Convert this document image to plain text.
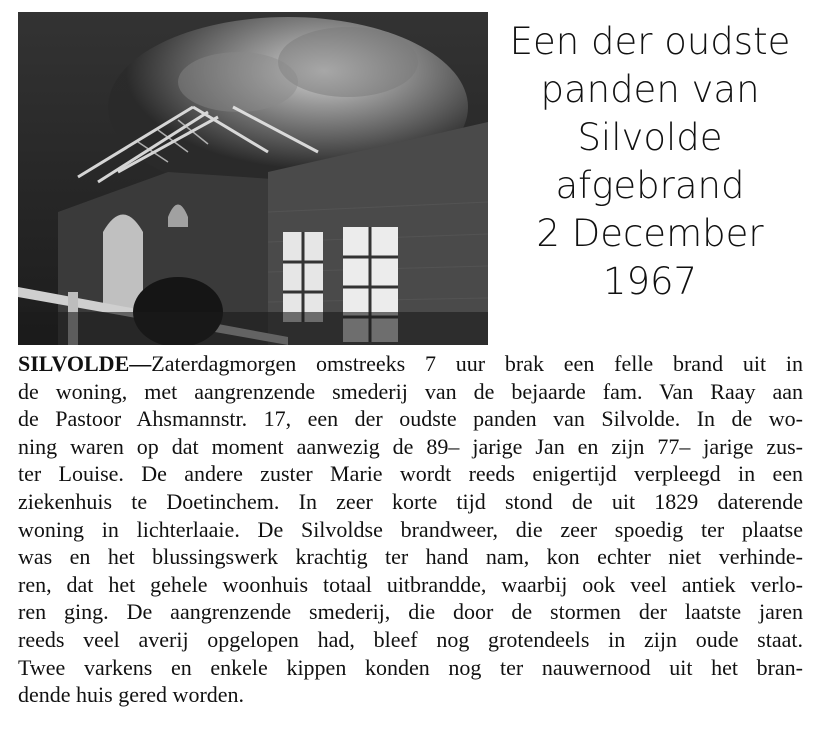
Een der oudste
panden van
Silvolde
afgebrand
2 December
1967
SILVOLDE—Zaterdagmorgen omstreeks 7 uur brak een felle brand uit in
de woning, met aangrenzende smederij van de bejaarde fam. Van Raay aan
de Pastoor Ahsmannstr. 17, een der oudste panden van Silvolde. In de wo-
ning waren op dat moment aanwezig de 89– jarige Jan en zijn 77– jarige zus-
ter Louise. De andere zuster Marie wordt reeds enigertijd verpleegd in een
ziekenhuis te Doetinchem. In zeer korte tijd stond de uit 1829 daterende
woning in lichterlaaie. De Silvoldse brandweer, die zeer spoedig ter plaatse
was en het blussingswerk krachtig ter hand nam, kon echter niet verhinde-
ren, dat het gehele woonhuis totaal uitbrandde, waarbij ook veel antiek verlo-
ren ging. De aangrenzende smederij, die door de stormen der laatste jaren
reeds veel averij opgelopen had, bleef nog grotendeels in zijn oude staat.
Twee varkens en enkele kippen konden nog ter nauwernood uit het bran-
dende huis gered worden.
